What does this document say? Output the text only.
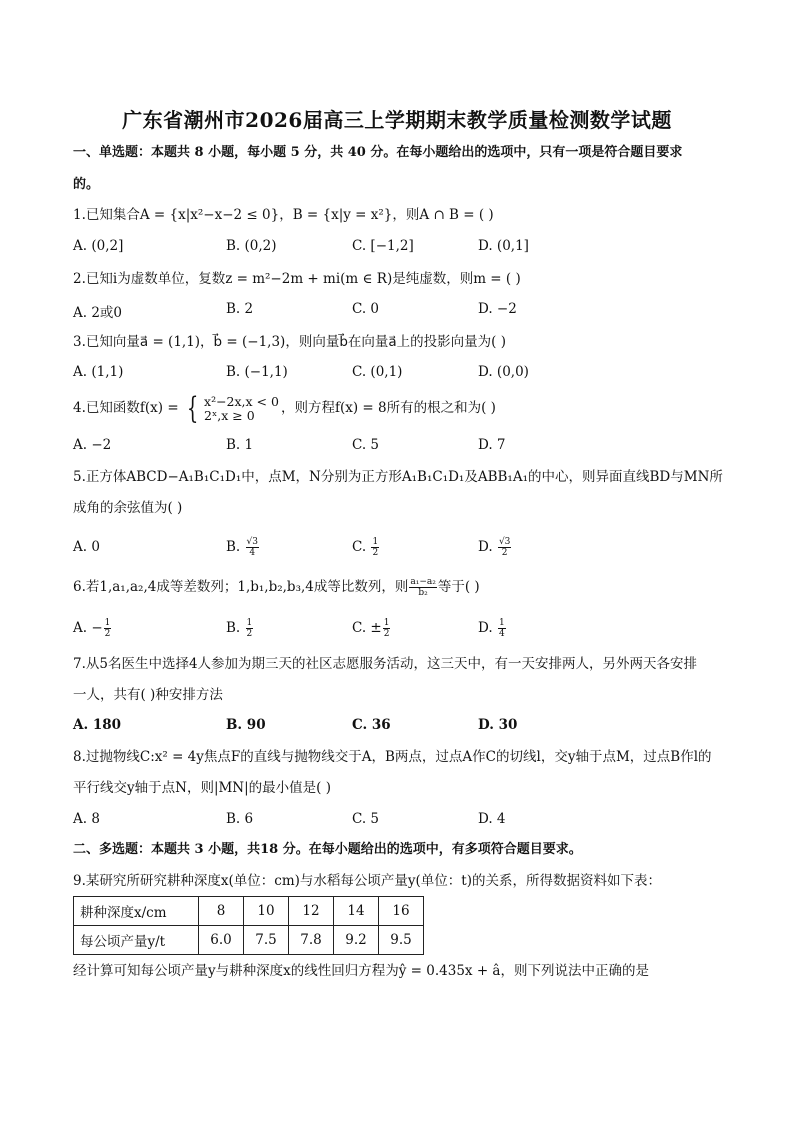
广东省潮州市2026届高三上学期期末教学质量检测数学试题
一、单选题：本题共 8 小题，每小题 5 分，共 40 分。在每小题给出的选项中，只有一项是符合题目要求
的。
1.已知集合A = {x|x²−x−2 ≤ 0}，B = {x|y = x²}，则A ∩ B = ( )
A. (0,2]	B. (0,2)	C. [−1,2]	D. (0,1]
2.已知i为虚数单位，复数z = m²−2m + mi(m ∈ R)是纯虚数，则m = ( )
A. 2或0	B. 2	C. 0	D. −2
3.已知向量a⃗ = (1,1)，b⃗ = (−1,3)，则向量b⃗在向量a⃗上的投影向量为( )
A. (1,1)	B. (−1,1)	C. (0,1)	D. (0,0)
4.已知函数f(x) = { x²−2x,x < 0
2ˣ,x ≥ 0	，则方程f(x) = 8所有的根之和为( )
A. −2	B. 1	C. 5	D. 7
5.正方体ABCD−A₁B₁C₁D₁中，点M，N分别为正方形A₁B₁C₁D₁及ABB₁A₁的中心，则异面直线BD与MN所
成角的余弦值为( )
A. 0	B. $\frac{√3}{4}$	C. $\frac{1}{2}$	D. $\frac{√3}{2}$
6.若1,a₁,a₂,4成等差数列；1,b₁,b₂,b₃,4成等比数列，则 $\frac{\text{a₁−a₂}}{\text{b₂}}$ 等于( )
A. − $\frac{1}{2}$	B. $\frac{1}{2}$	C. ± $\frac{1}{2}$	D. $\frac{1}{4}$
7.从5名医生中选择4人参加为期三天的社区志愿服务活动，这三天中，有一天安排两人，另外两天各安排
一人，共有( )种安排方法
A. 180	B. 90	C. 36	D. 30
8.过抛物线C:x² = 4y焦点F的直线与抛物线交于A，B两点，过点A作C的切线l，交y轴于点M，过点B作l的
平行线交y轴于点N，则|MN|的最小值是( )
A. 8	B. 6	C. 5	D. 4
二、多选题：本题共 3 小题，共18 分。在每小题给出的选项中，有多项符合题目要求。
9.某研究所研究耕种深度x(单位：cm)与水稻每公顷产量y(单位：t)的关系，所得数据资料如下表：
耕种深度x/cm	8	10	12	14	16
每公顷产量y/t	6.0	7.5	7.8	9.2	9.5
经计算可知每公顷产量y与耕种深度x的线性回归方程为ŷ = 0.435x + â，则下列说法中正确的是
